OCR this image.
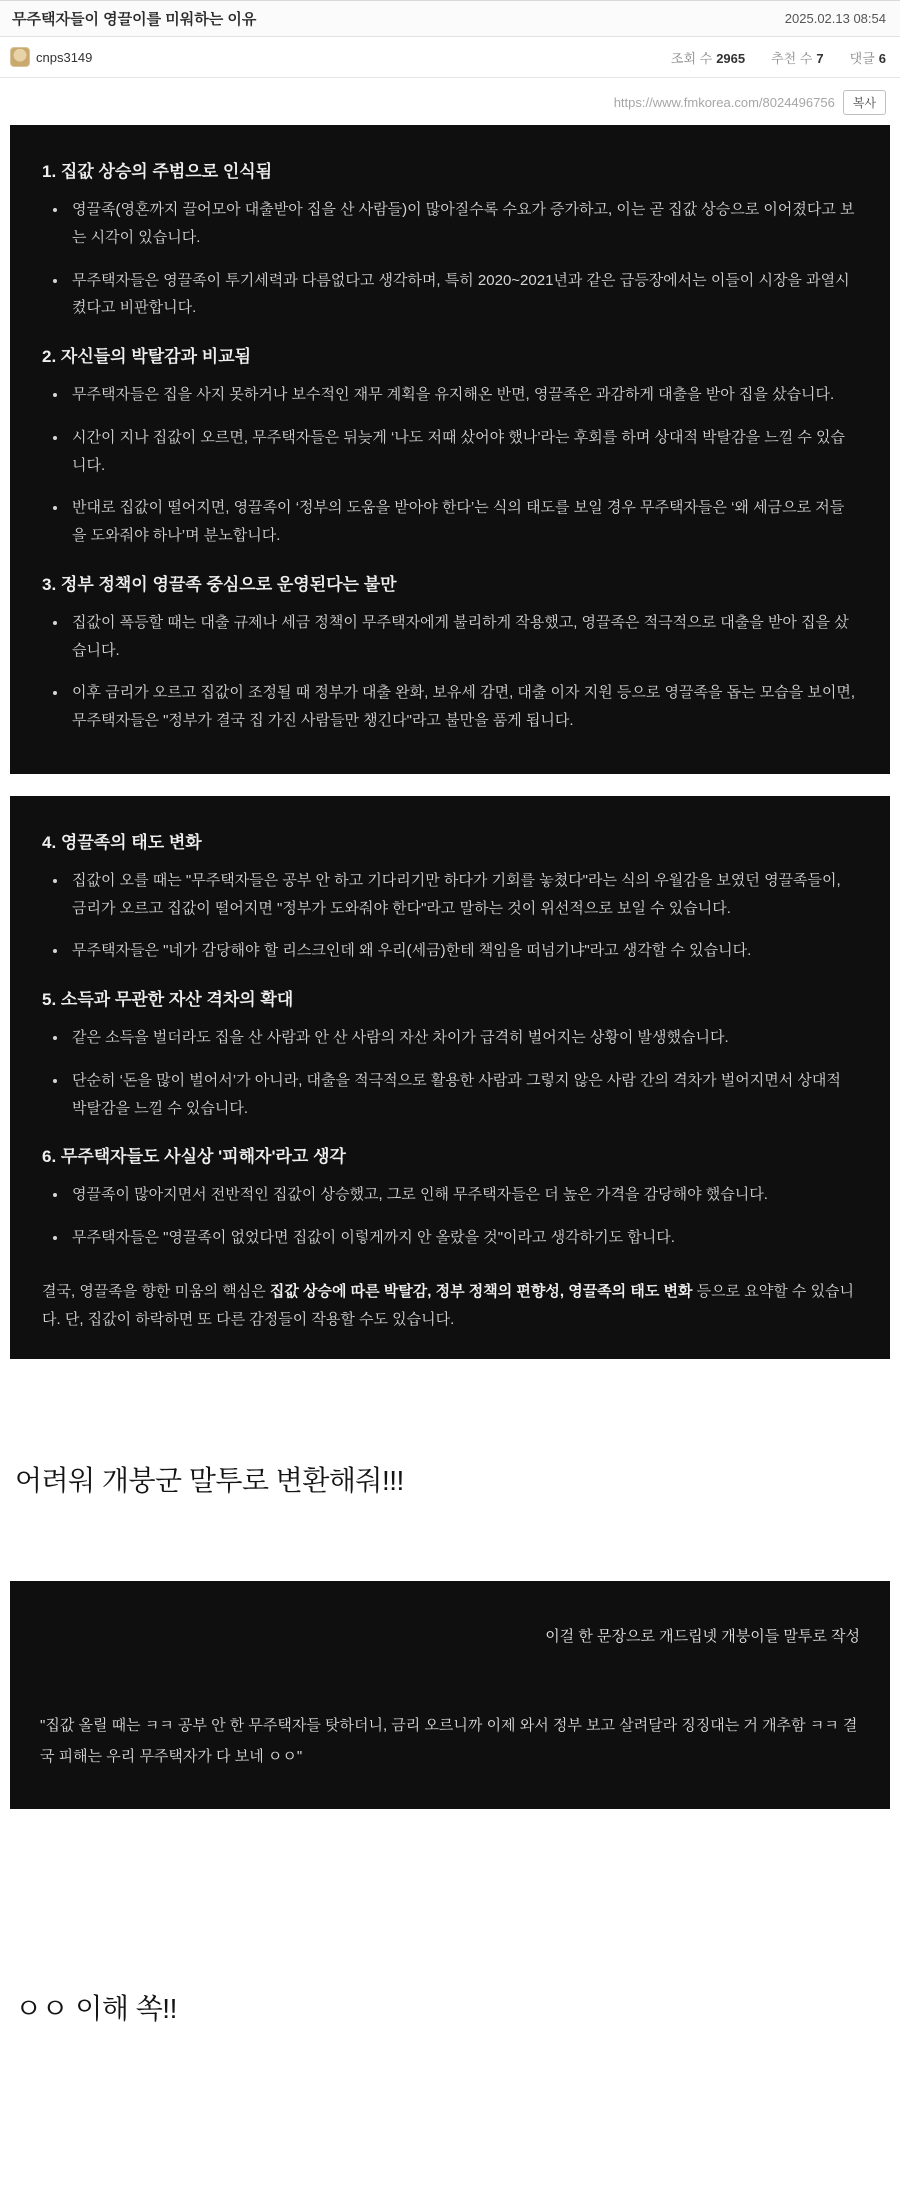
무주택자들이 영끌이를 미워하는 이유	2025.02.13 08:54
cnps3149	조회 수 2965 추천 수 7 댓글 6
https://www.fmkorea.com/8024496756	복사
1. 집값 상승의 주범으로 인식됨
• 영끌족(영혼까지 끌어모아 대출받아 집을 산 사람들)이 많아질수록 수요가 증가하고, 이는 곧 집값 상승으로 이어졌다고 보는 시각이 있습니다.
• 무주택자들은 영끌족이 투기세력과 다름없다고 생각하며, 특히 2020~2021년과 같은 급등장에서는 이들이 시장을 과열시켰다고 비판합니다.
2. 자신들의 박탈감과 비교됨
• 무주택자들은 집을 사지 못하거나 보수적인 재무 계획을 유지해온 반면, 영끌족은 과감하게 대출을 받아 집을 샀습니다.
• 시간이 지나 집값이 오르면, 무주택자들은 뒤늦게 ‘나도 저때 샀어야 했나’라는 후회를 하며 상대적 박탈감을 느낄 수 있습니다.
• 반대로 집값이 떨어지면, 영끌족이 ‘정부의 도움을 받아야 한다’는 식의 태도를 보일 경우 무주택자들은 ‘왜 세금으로 저들을 도와줘야 하나’며 분노합니다.
3. 정부 정책이 영끌족 중심으로 운영된다는 불만
• 집값이 폭등할 때는 대출 규제나 세금 정책이 무주택자에게 불리하게 작용했고, 영끌족은 적극적으로 대출을 받아 집을 샀습니다.
• 이후 금리가 오르고 집값이 조정될 때 정부가 대출 완화, 보유세 감면, 대출 이자 지원 등으로 영끌족을 돕는 모습을 보이면, 무주택자들은 "정부가 결국 집 가진 사람들만 챙긴다"라고 불만을 품게 됩니다.
4. 영끌족의 태도 변화
• 집값이 오를 때는 "무주택자들은 공부 안 하고 기다리기만 하다가 기회를 놓쳤다"라는 식의 우월감을 보였던 영끌족들이, 금리가 오르고 집값이 떨어지면 "정부가 도와줘야 한다"라고 말하는 것이 위선적으로 보일 수 있습니다.
• 무주택자들은 "네가 감당해야 할 리스크인데 왜 우리(세금)한테 책임을 떠넘기냐"라고 생각할 수 있습니다.
5. 소득과 무관한 자산 격차의 확대
• 같은 소득을 벌더라도 집을 산 사람과 안 산 사람의 자산 차이가 급격히 벌어지는 상황이 발생했습니다.
• 단순히 ‘돈을 많이 벌어서’가 아니라, 대출을 적극적으로 활용한 사람과 그렇지 않은 사람 간의 격차가 벌어지면서 상대적 박탈감을 느낄 수 있습니다.
6. 무주택자들도 사실상 '피해자'라고 생각
• 영끌족이 많아지면서 전반적인 집값이 상승했고, 그로 인해 무주택자들은 더 높은 가격을 감당해야 했습니다.
• 무주택자들은 "영끌족이 없었다면 집값이 이렇게까지 안 올랐을 것"이라고 생각하기도 합니다.

결국, 영끌족을 향한 미움의 핵심은 집값 상승에 따른 박탈감, 정부 정책의 편향성, 영끌족의 태도 변화 등으로 요약할 수 있습니다. 단, 집값이 하락하면 또 다른 감정들이 작용할 수도 있습니다.

어려워 개붕군 말투로 변환해줘!!!
이걸 한 문장으로 개드립넷 개붕이들 말투로 작성
"집값 올릴 때는 ㅋㅋ 공부 안 한 무주택자들 탓하더니, 금리 오르니까 이제 와서 정부 보고 살려달라 징징대는 거 개추함 ㅋㅋ 결국 피해는 우리 무주택자가 다 보네 ㅇㅇ"
ㅇㅇ 이해 쏙!!
